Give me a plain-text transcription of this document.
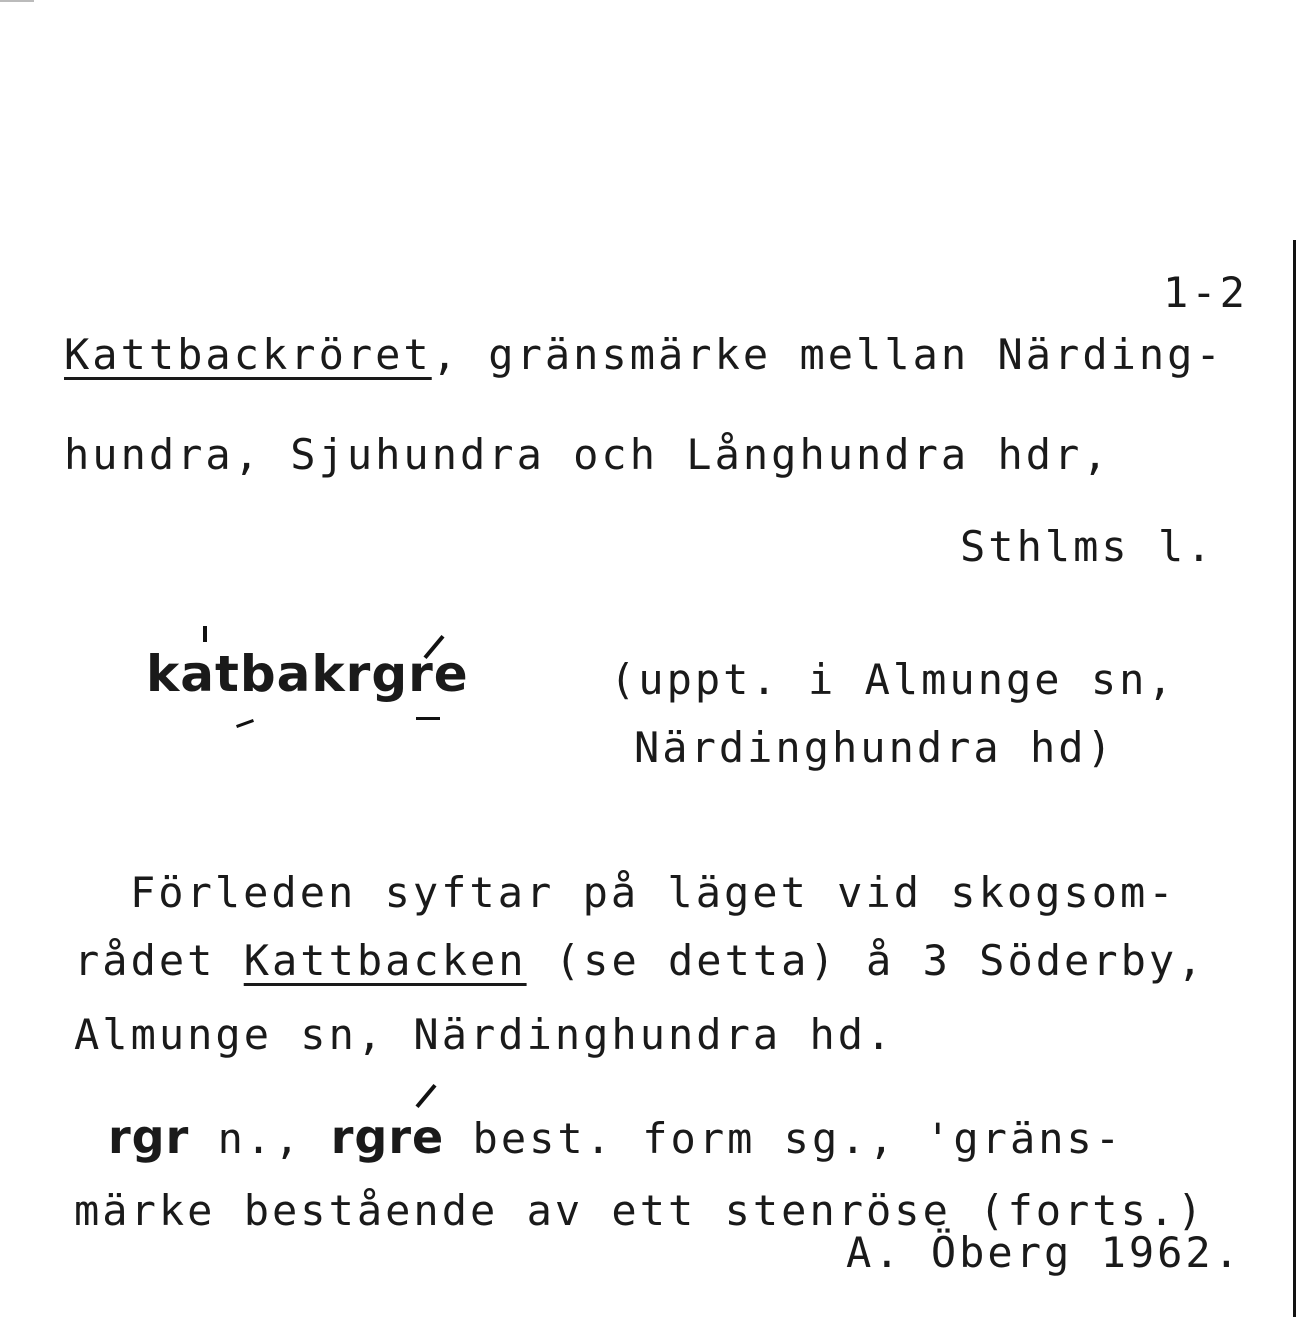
1-2
Kattbackröret, gränsmärke mellan Närding-
hundra, Sjuhundra och Långhundra hdr,
Sthlms l.
katbakrgre	(uppt. i Almunge sn,
Närdinghundra hd)
Förleden syftar på läget vid skogsom-
rådet Kattbacken (se detta) å 3 Söderby,
Almunge sn, Närdinghundra hd.
rgr n., rgre best. form sg., 'gräns-
märke bestående av ett stenröse (forts.)
A. Öberg 1962.
